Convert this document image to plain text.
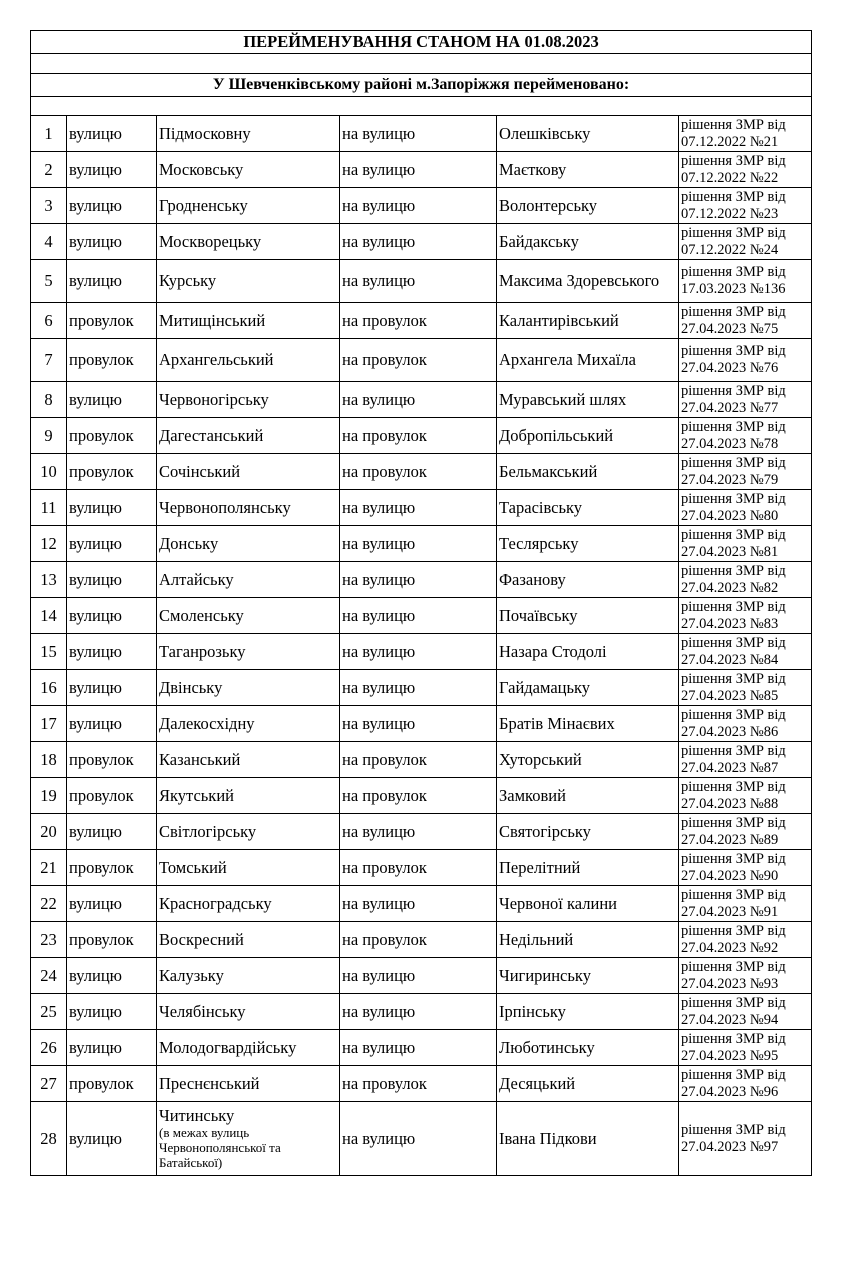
ПЕРЕЙМЕНУВАННЯ СТАНОМ НА 01.08.2023					

У Шевченківському районі м.Запоріжжя перейменовано:					

1	вулицю	Підмосковну	на вулицю	Олешківську	рішення ЗМР від
07.12.2022 №21

2	вулицю	Московську	на вулицю	Маєткову	рішення ЗМР від
07.12.2022 №22

3	вулицю	Гродненську	на вулицю	Волонтерську	рішення ЗМР від
07.12.2022 №23

4	вулицю	Москворецьку	на вулицю	Байдакську	рішення ЗМР від
07.12.2022 №24

5	вулицю	Курську	на вулицю	Максима Здоревського	рішення ЗМР від
17.03.2023 №136

6	провулок	Митищінський	на провулок	Калантирівський	рішення ЗМР від
27.04.2023 №75

7	провулок	Архангельський	на провулок	Архангела Михаїла	рішення ЗМР від
27.04.2023 №76

8	вулицю	Червоногірську	на вулицю	Муравський шлях	рішення ЗМР від
27.04.2023 №77

9	провулок	Дагестанський	на провулок	Добропільський	рішення ЗМР від
27.04.2023 №78

10	провулок	Сочінський	на провулок	Бельмакський	рішення ЗМР від
27.04.2023 №79

11	вулицю	Червонополянську	на вулицю	Тарасівську	рішення ЗМР від
27.04.2023 №80

12	вулицю	Донську	на вулицю	Теслярську	рішення ЗМР від
27.04.2023 №81

13	вулицю	Алтайську	на вулицю	Фазанову	рішення ЗМР від
27.04.2023 №82

14	вулицю	Смоленську	на вулицю	Почаївську	рішення ЗМР від
27.04.2023 №83

15	вулицю	Таганрозьку	на вулицю	Назара Стодолі	рішення ЗМР від
27.04.2023 №84

16	вулицю	Двінську	на вулицю	Гайдамацьку	рішення ЗМР від
27.04.2023 №85

17	вулицю	Далекосхідну	на вулицю	Братів Мінаєвих	рішення ЗМР від
27.04.2023 №86

18	провулок	Казанський	на провулок	Хуторський	рішення ЗМР від
27.04.2023 №87

19	провулок	Якутський	на провулок	Замковий	рішення ЗМР від
27.04.2023 №88

20	вулицю	Світлогірську	на вулицю	Святогірську	рішення ЗМР від
27.04.2023 №89

21	провулок	Томський	на провулок	Перелітний	рішення ЗМР від
27.04.2023 №90

22	вулицю	Красноградську	на вулицю	Червоної калини	рішення ЗМР від
27.04.2023 №91

23	провулок	Воскресний	на провулок	Недільний	рішення ЗМР від
27.04.2023 №92

24	вулицю	Калузьку	на вулицю	Чигиринську	рішення ЗМР від
27.04.2023 №93

25	вулицю	Челябінську	на вулицю	Ірпінську	рішення ЗМР від
27.04.2023 №94

26	вулицю	Молодогвардійську	на вулицю	Люботинську	рішення ЗМР від
27.04.2023 №95

27	провулок	Преснєнський	на провулок	Десяцький	рішення ЗМР від
27.04.2023 №96

28	вулицю	Читинську
(в межах вулиць Червонополянської та Батайської)	на вулицю	Івана Підкови	рішення ЗМР від
27.04.2023 №97
